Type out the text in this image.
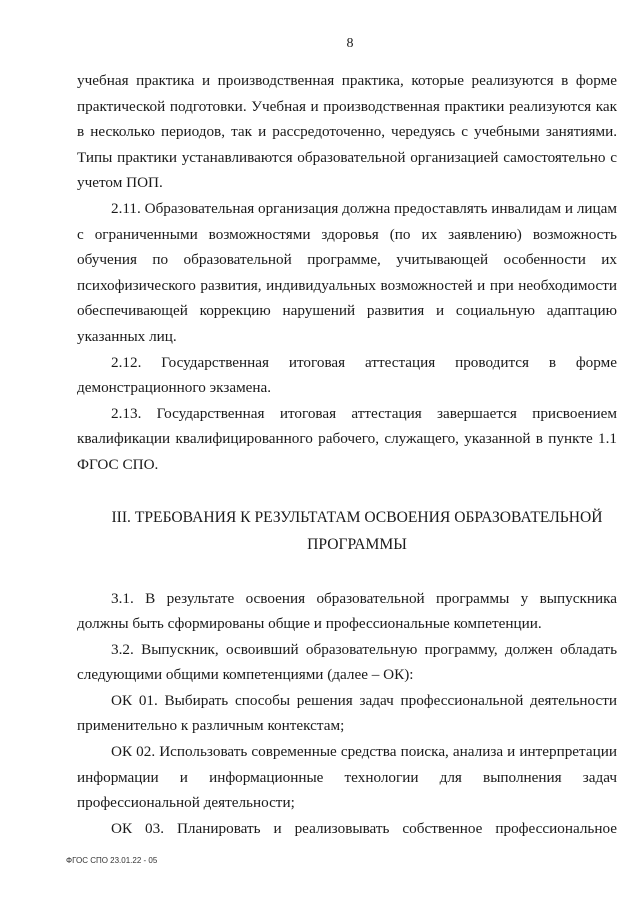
8

учебная практика и производственная практика, которые реализуются в форме практической подготовки. Учебная и производственная практики реализуются как в несколько периодов, так и рассредоточенно, чередуясь с учебными занятиями. Типы практики устанавливаются образовательной организацией самостоятельно с учетом ПОП.

2.11. Образовательная организация должна предоставлять инвалидам и лицам с ограниченными возможностями здоровья (по их заявлению) возможность обучения по образовательной программе, учитывающей особенности их психофизического развития, индивидуальных возможностей и при необходимости обеспечивающей коррекцию нарушений развития и социальную адаптацию указанных лиц.

2.12. Государственная итоговая аттестация проводится в форме демонстрационного экзамена.

2.13. Государственная итоговая аттестация завершается присвоением квалификации квалифицированного рабочего, служащего, указанной в пункте 1.1 ФГОС СПО.

III. ТРЕБОВАНИЯ К РЕЗУЛЬТАТАМ ОСВОЕНИЯ ОБРАЗОВАТЕЛЬНОЙ ПРОГРАММЫ

3.1. В результате освоения образовательной программы у выпускника должны быть сформированы общие и профессиональные компетенции.

3.2. Выпускник, освоивший образовательную программу, должен обладать следующими общими компетенциями (далее – ОК):

ОК 01. Выбирать способы решения задач профессиональной деятельности применительно к различным контекстам;

ОК 02. Использовать современные средства поиска, анализа и интерпретации информации и информационные технологии для выполнения задач профессиональной деятельности;

ОК 03. Планировать и реализовывать собственное профессиональное

ФГОС СПО 23.01.22 - 05
